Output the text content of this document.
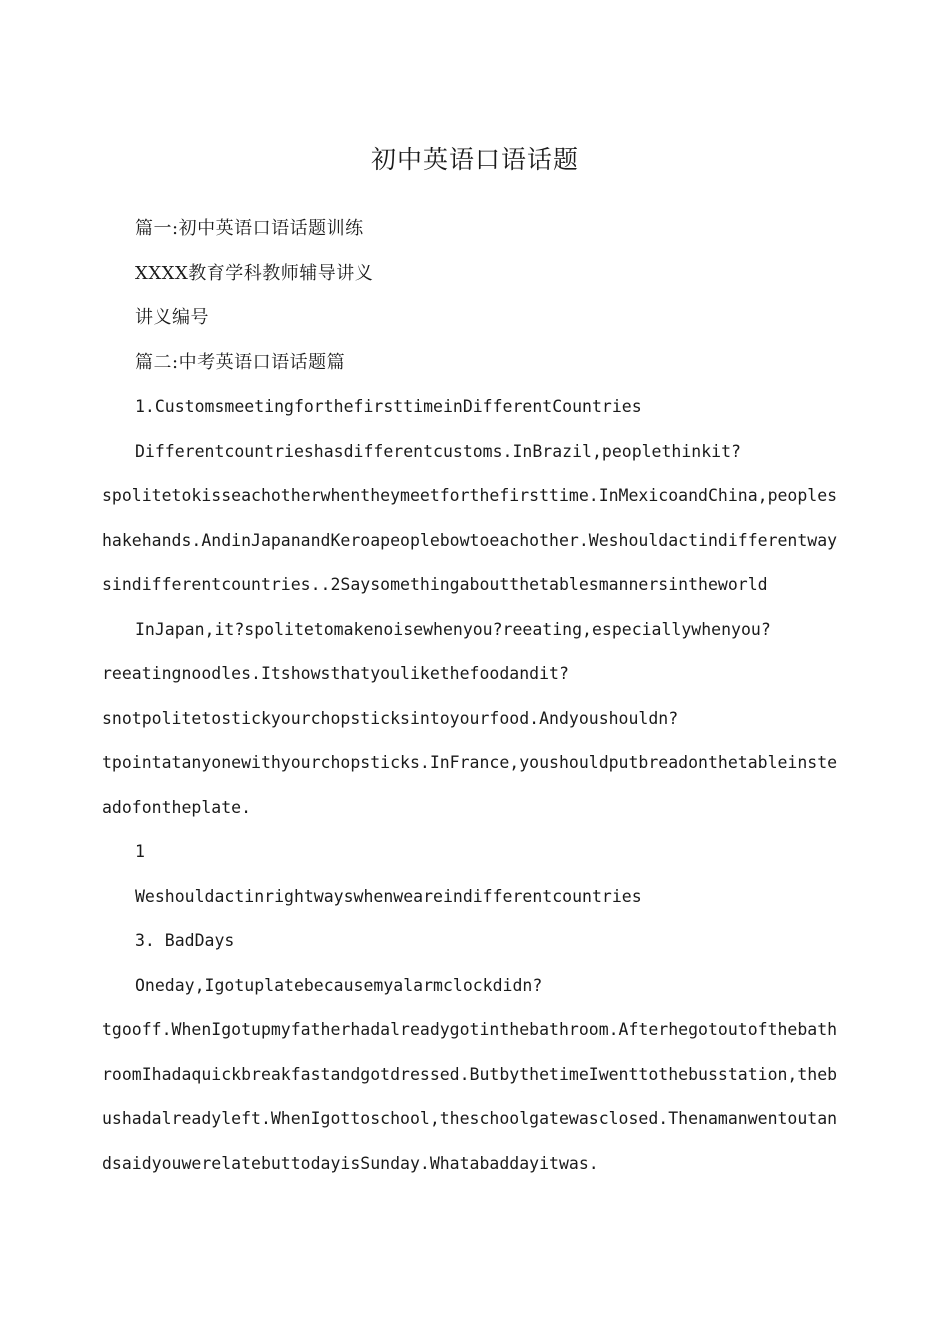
初中英语口语话题
篇一:初中英语口语话题训练
XXXX教育学科教师辅导讲义
讲义编号
篇二:中考英语口语话题篇
1.CustomsmeetingforthefirsttimeinDifferentCountries
Differentcountrieshasdifferentcustoms.InBrazil,peoplethinkit?
spolitetokisseachotherwhentheymeetforthefirsttime.InMexicoandChina,peoples
hakehands.AndinJapanandKeroapeoplebowtoeachother.Weshouldactindifferentway
sindifferentcountries..2Saysomethingaboutthetablesmannersintheworld
InJapan,it?spolitetomakenoisewhenyou?reeating,especiallywhenyou?
reeatingnoodles.Itshowsthatyoulikethefoodandit?
snotpolitetostickyourchopsticksintoyourfood.Andyoushouldn?
tpointatanyonewithyourchopsticks.InFrance,youshouldputbreadonthetableinste
adofontheplate.
1
Weshouldactinrightwayswhenweareindifferentcountries
3. BadDays
Oneday,Igotuplatebecausemyalarmclockdidn?
tgooff.WhenIgotupmyfatherhadalreadygotinthebathroom.Afterhegotoutofthebath
roomIhadaquickbreakfastandgotdressed.ButbythetimeIwenttothebusstation,theb
ushadalreadyleft.WhenIgottoschool,theschoolgatewasclosed.Thenamanwentoutan
dsaidyouwerelatebuttodayisSunday.Whatabaddayitwas.
